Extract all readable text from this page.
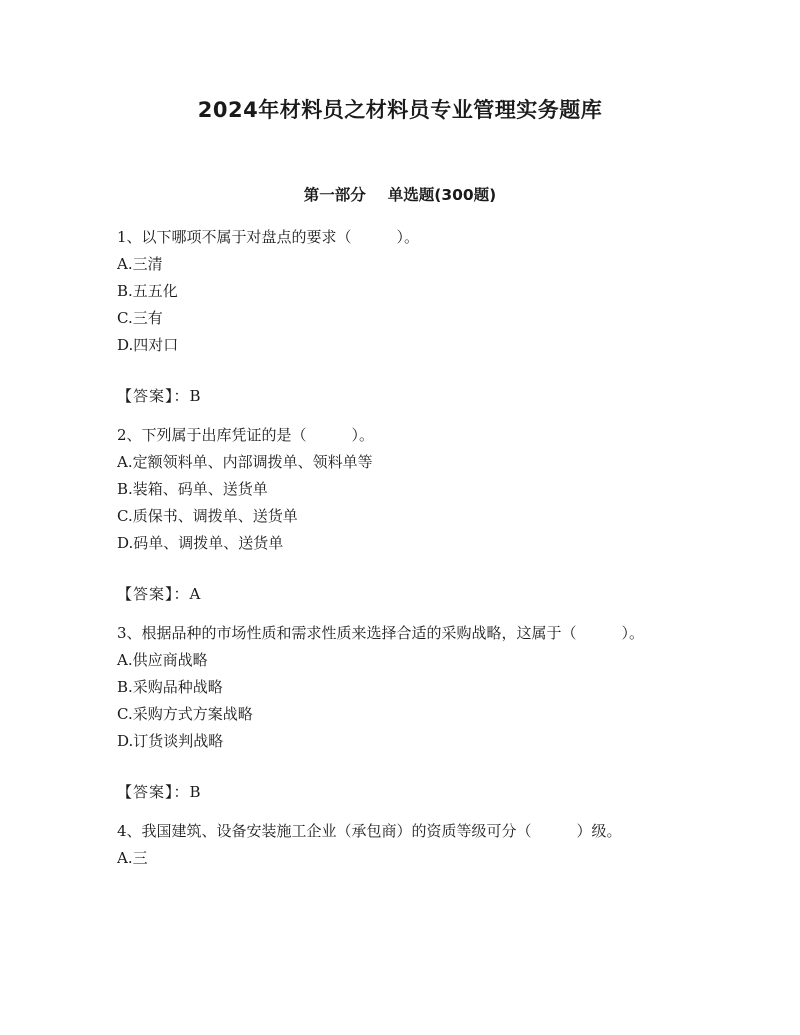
2024年材料员之材料员专业管理实务题库
第一部分 单选题(300题)

1、以下哪项不属于对盘点的要求（　　　）。

A.三清

B.五五化

C.三有

D.四对口

【答案】：B

2、下列属于出库凭证的是（　　　）。

A.定额领料单、内部调拨单、领料单等

B.装箱、码单、送货单

C.质保书、调拨单、送货单

D.码单、调拨单、送货单

【答案】：A

3、根据品种的市场性质和需求性质来选择合适的采购战略，这属于（　　　）。

A.供应商战略

B.采购品种战略

C.采购方式方案战略

D.订货谈判战略

【答案】：B

4、我国建筑、设备安装施工企业（承包商）的资质等级可分（　　　）级。

A.三
